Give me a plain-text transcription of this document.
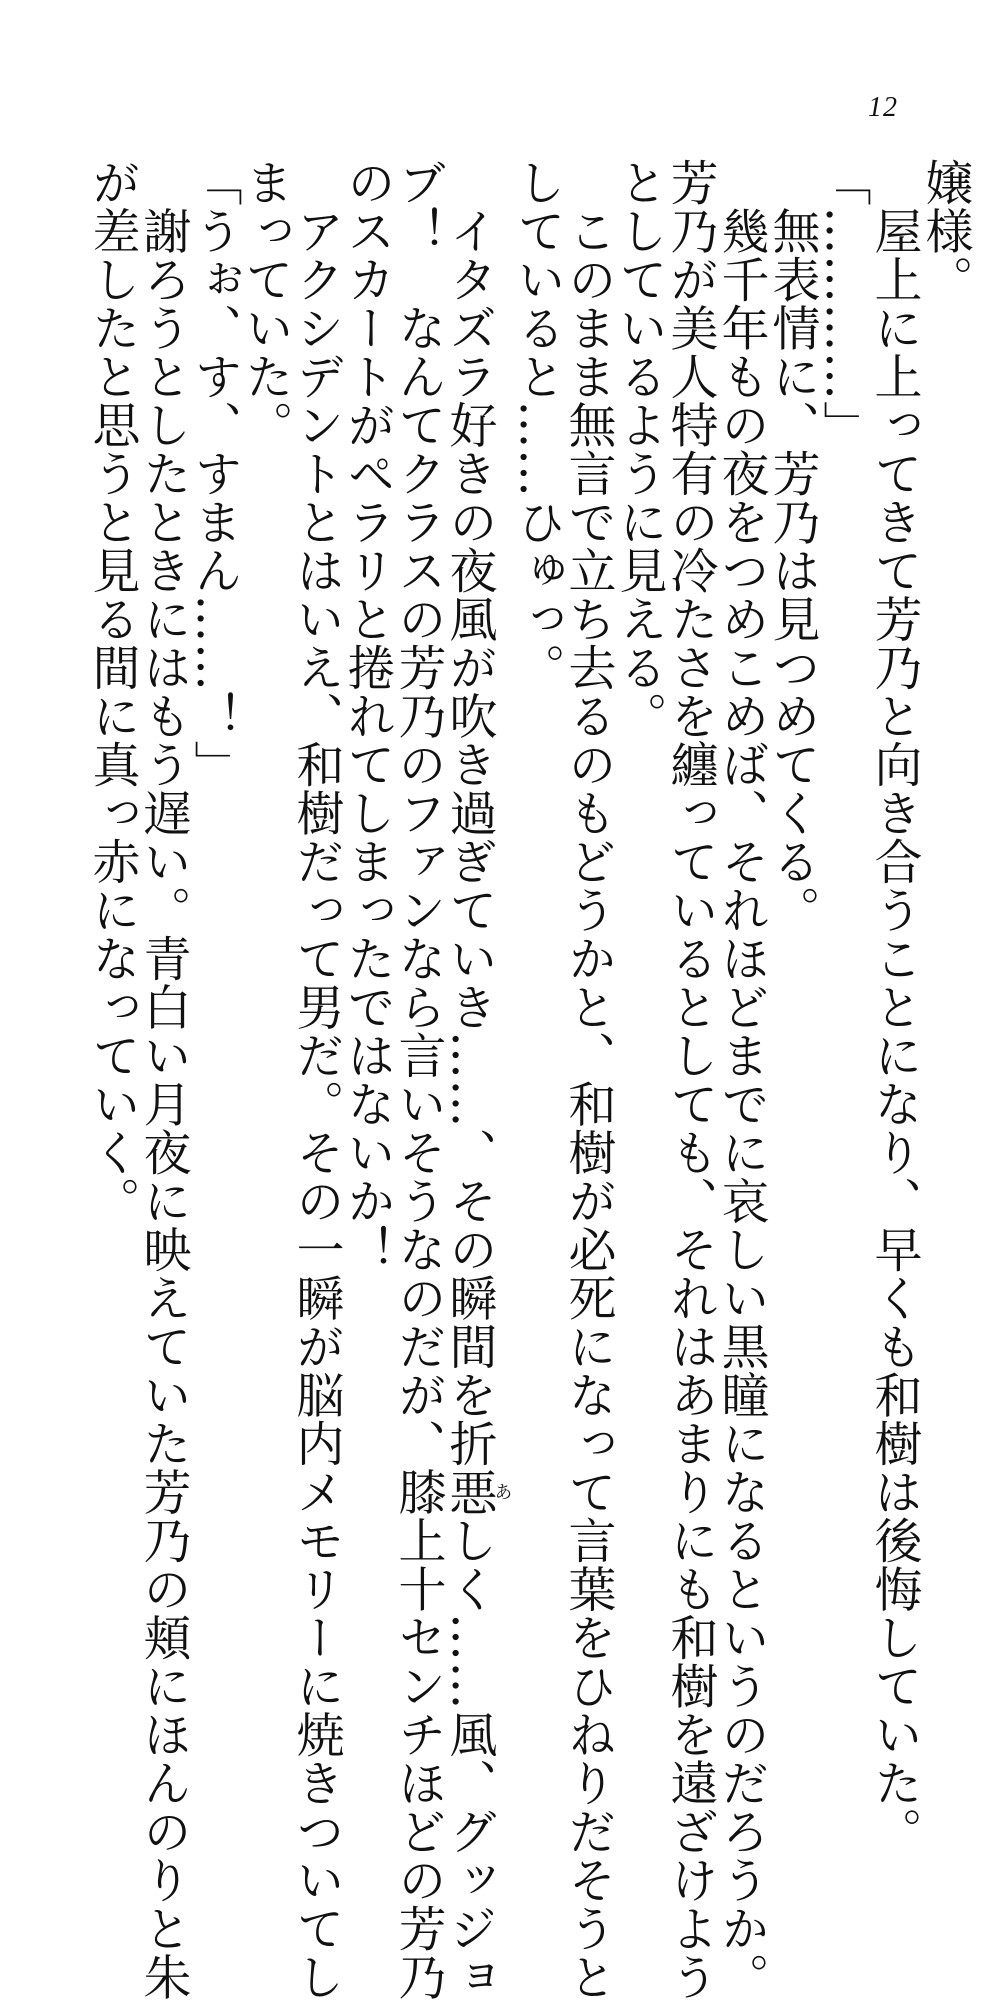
12
嬢様。
　屋上に上ってきて芳乃と向き合うことになり、早くも和樹は後悔していた。
「…………」
　無表情に、芳乃は見つめてくる。
　幾千年もの夜をつめこめば、それほどまでに哀しい黒瞳になるというのだろうか。
芳乃が美人特有の冷たさを纏っているとしても、それはあまりにも和樹を遠ざけよう
としているように見える。
　このまま無言で立ち去るのもどうかと、和樹が必死になって言葉をひねりだそうと
していると……ひゅっ。
　イタズラ好きの夜風が吹き過ぎていき……、その瞬間を折悪あしく……風、グッジョ
ブ！　なんてクラスの芳乃のファンなら言いそうなのだが、膝上十センチほどの芳乃
のスカートがペラリと捲れてしまったではないか！
　アクシデントとはいえ、和樹だって男だ。その一瞬が脳内メモリーに焼きついてし
まっていた。
「うぉ、す、すまん……！」
　謝ろうとしたときにはもう遅い。青白い月夜に映えていた芳乃の頬にほんのりと朱
が差したと思うと見る間に真っ赤になっていく。
